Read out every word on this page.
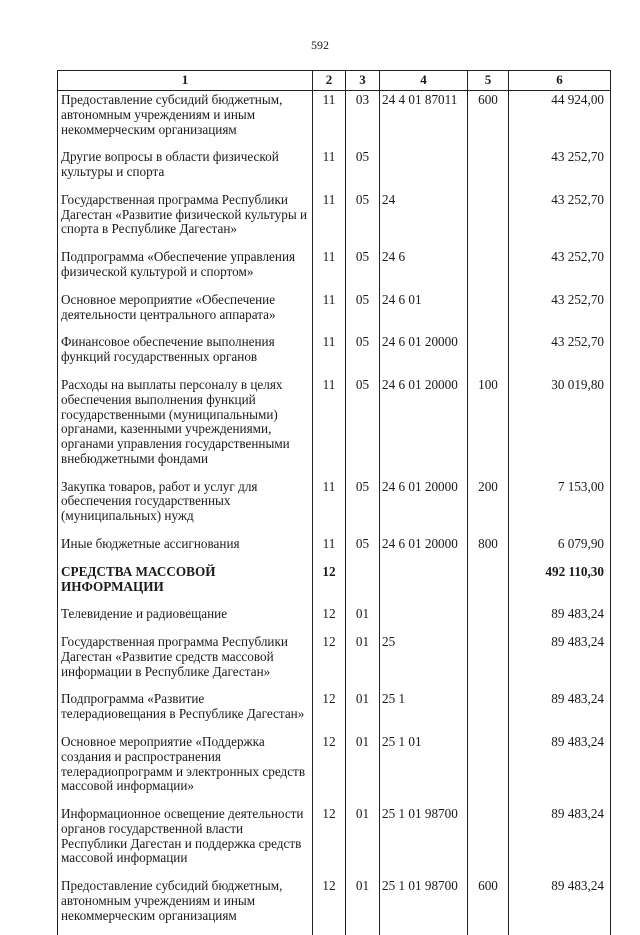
592
1	2	3	4	5	6
Предоставление субсидий бюджетным, автономным учреждениям и иным некоммерческим организациям	11	03	24 4 01 87011	600	44 924,00
Другие вопросы в области физической культуры и спорта	11	05			43 252,70
Государственная программа Республики Дагестан «Развитие физической культуры и спорта в Республике Дагестан»	11	05	24		43 252,70
Подпрограмма «Обеспечение управления физической культурой и спортом»	11	05	24 6		43 252,70
Основное мероприятие «Обеспечение деятельности центрального аппарата»	11	05	24 6 01		43 252,70
Финансовое обеспечение выполнения функций государственных органов	11	05	24 6 01 20000		43 252,70
Расходы на выплаты персоналу в целях обеспечения выполнения функций государственными (муниципальными) органами, казенными учреждениями, органами управления государственными внебюджетными фондами	11	05	24 6 01 20000	100	30 019,80
Закупка товаров, работ и услуг для обеспечения государственных (муниципальных) нужд	11	05	24 6 01 20000	200	7 153,00
Иные бюджетные ассигнования	11	05	24 6 01 20000	800	6 079,90
СРЕДСТВА МАССОВОЙ ИНФОРМАЦИИ	12				492 110,30
Телевидение и радиовещание	12	01			89 483,24
Государственная программа Республики Дагестан «Развитие средств массовой информации в Республике Дагестан»	12	01	25		89 483,24
Подпрограмма «Развитие телерадиовещания в Республике Дагестан»	12	01	25 1		89 483,24
Основное мероприятие «Поддержка создания и распространения телерадиопрограмм и электронных средств массовой информации»	12	01	25 1 01		89 483,24
Информационное освещение деятельности органов государственной власти Республики Дагестан и поддержка средств массовой информации	12	01	25 1 01 98700		89 483,24
Предоставление субсидий бюджетным, автономным учреждениям и иным некоммерческим организациям	12	01	25 1 01 98700	600	89 483,24
